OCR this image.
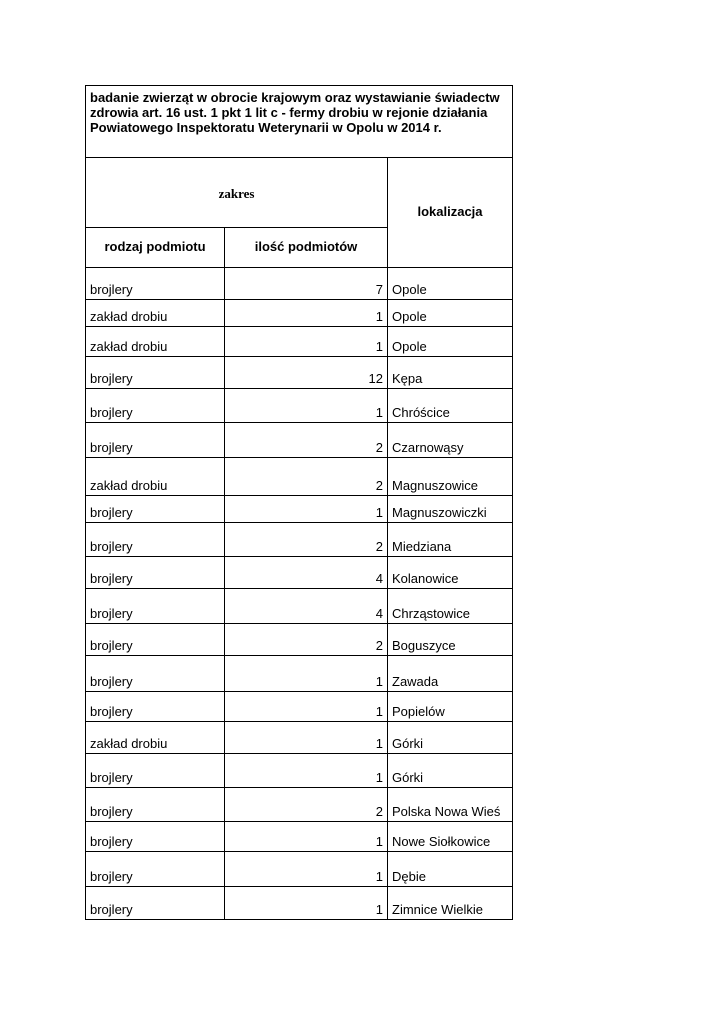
badanie zwierząt w obrocie krajowym oraz wystawianie świadectw zdrowia art. 16 ust. 1 pkt 1 lit c - fermy drobiu w rejonie działania Powiatowego Inspektoratu Weterynarii w Opolu w 2014 r.		
zakres		lokalizacja
rodzaj podmiotu	ilość podmiotów	
brojlery	7	Opole
zakład drobiu	1	Opole
zakład drobiu	1	Opole
brojlery	12	Kępa
brojlery	1	Chróścice
brojlery	2	Czarnowąsy
zakład drobiu	2	Magnuszowice
brojlery	1	Magnuszowiczki
brojlery	2	Miedziana
brojlery	4	Kolanowice
brojlery	4	Chrząstowice
brojlery	2	Boguszyce
brojlery	1	Zawada
brojlery	1	Popielów
zakład drobiu	1	Górki
brojlery	1	Górki
brojlery	2	Polska Nowa Wieś
brojlery	1	Nowe Siołkowice
brojlery	1	Dębie
brojlery	1	Zimnice Wielkie
